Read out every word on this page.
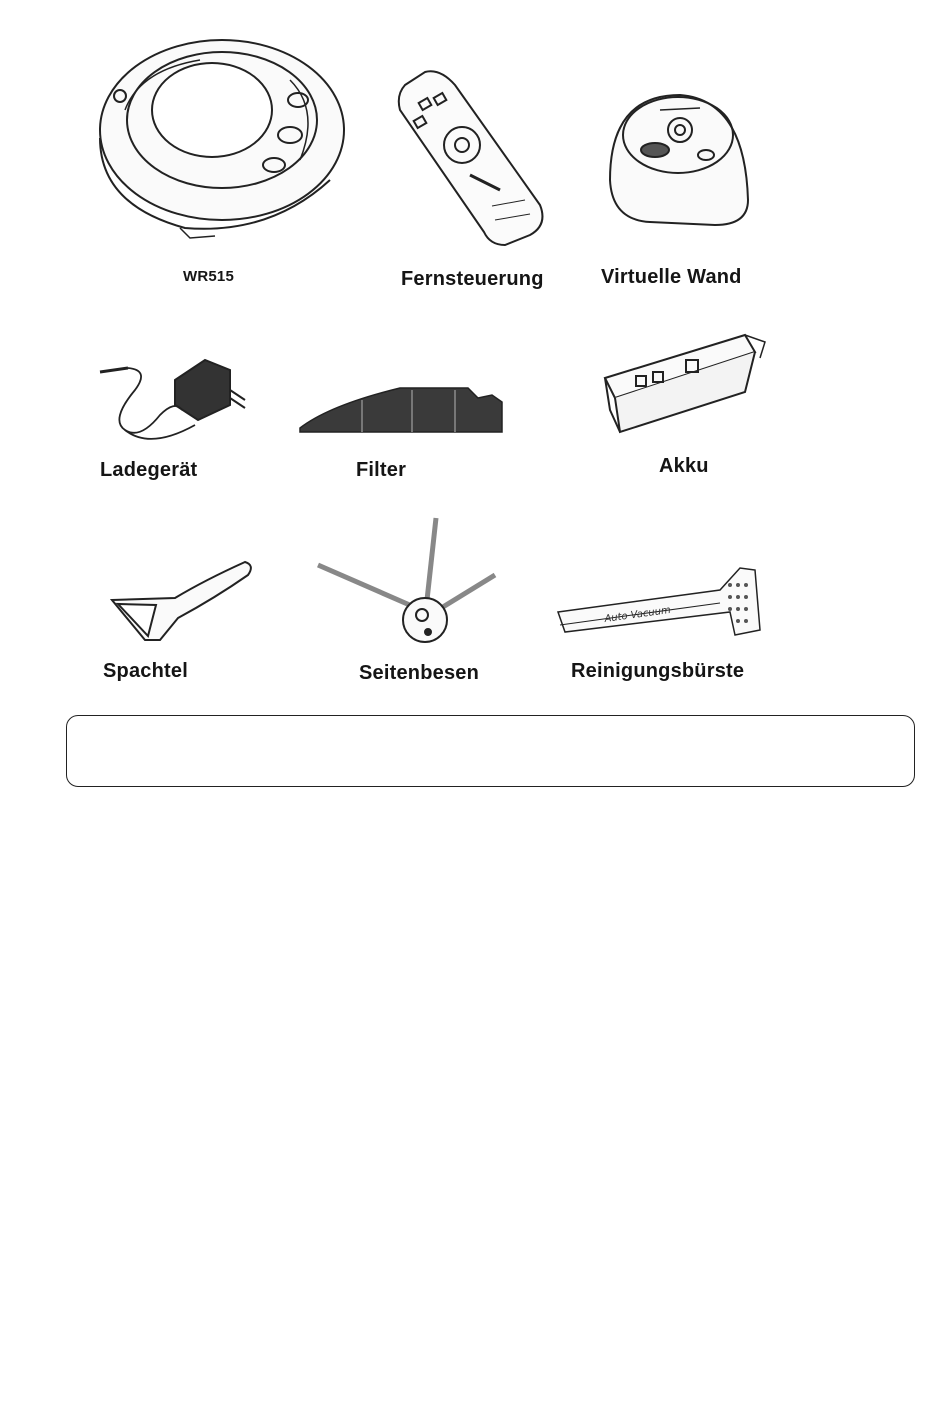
WR515	Fernsteuerung	Virtuelle Wand
Ladegerät	Filter	Akku
Spachtel	Seitenbesen
Auto Vacuum
Reinigungsbürste
